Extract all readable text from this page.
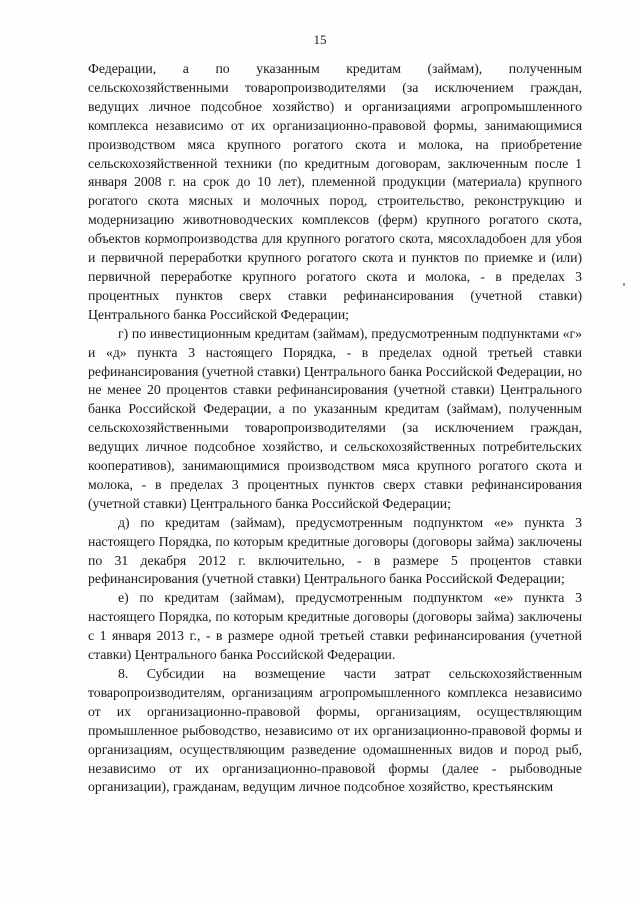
15

Федерации, а по указанным кредитам (займам), полученным сельскохозяйственными товаропроизводителями (за исключением граждан, ведущих личное подсобное хозяйство) и организациями агропромышленного комплекса независимо от их организационно-правовой формы, занимающимися производством мяса крупного рогатого скота и молока, на приобретение сельскохозяйственной техники (по кредитным договорам, заключенным после 1 января 2008 г. на срок до 10 лет), племенной продукции (материала) крупного рогатого скота мясных и молочных пород, строительство, реконструкцию и модернизацию животноводческих комплексов (ферм) крупного рогатого скота, объектов кормопроизводства для крупного рогатого скота, мясохладобоен для убоя и первичной переработки крупного рогатого скота и пунктов по приемке и (или) первичной переработке крупного рогатого скота и молока, - в пределах 3 процентных пунктов сверх ставки рефинансирования (учетной ставки) Центрального банка Российской Федерации;

г) по инвестиционным кредитам (займам), предусмотренным подпунктами «г» и «д» пункта 3 настоящего Порядка, - в пределах одной третьей ставки рефинансирования (учетной ставки) Центрального банка Российской Федерации, но не менее 20 процентов ставки рефинансирования (учетной ставки) Центрального банка Российской Федерации, а по указанным кредитам (займам), полученным сельскохозяйственными товаропроизводителями (за исключением граждан, ведущих личное подсобное хозяйство, и сельскохозяйственных потребительских кооперативов), занимающимися производством мяса крупного рогатого скота и молока, - в пределах 3 процентных пунктов сверх ставки рефинансирования (учетной ставки) Центрального банка Российской Федерации;

д) по кредитам (займам), предусмотренным подпунктом «е» пункта 3 настоящего Порядка, по которым кредитные договоры (договоры займа) заключены по 31 декабря 2012 г. включительно, - в размере 5 процентов ставки рефинансирования (учетной ставки) Центрального банка Российской Федерации;

е) по кредитам (займам), предусмотренным подпунктом «е» пункта 3 настоящего Порядка, по которым кредитные договоры (договоры займа) заключены с 1 января 2013 г., - в размере одной третьей ставки рефинансирования (учетной ставки) Центрального банка Российской Федерации.

8. Субсидии на возмещение части затрат сельскохозяйственным товаропроизводителям, организациям агропромышленного комплекса независимо от их организационно-правовой формы, организациям, осуществляющим промышленное рыбоводство, независимо от их организационно-правовой формы и организациям, осуществляющим разведение одомашненных видов и пород рыб, независимо от их организационно-правовой формы (далее - рыбоводные организации), гражданам, ведущим личное подсобное хозяйство, крестьянским
